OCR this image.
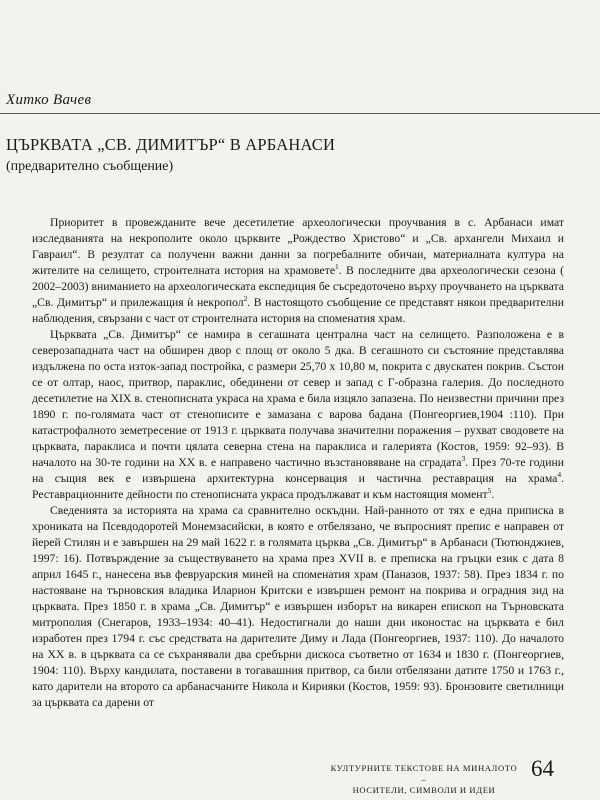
Хитко Вачев
ЦЪРКВАТА „СВ. ДИМИТЪР“ В АРБАНАСИ
(предварително съобщение)

Приоритет в провежданите вече десетилетие археологически проучвания в с. Арбанаси имат изследванията на некрополите около църквите „Рождество Христово“ и „Св. архангели Михаил и Гавраил“. В резултат са получени важни данни за погребалните обичаи, материалната култура на жителите на селището, строителната история на храмовете$^1$. В последните два археологически сезона ( 2002–2003) вниманието на археологическата експедиция бе съсредоточено върху проучването на църквата „Св. Димитър“ и прилежащия ѝ некропол$^2$. В настоящото съобщение се представят някои предварителни наблюдения, свързани с част от строителната история на споменатия храм.

Църквата „Св. Димитър“ се намира в сегашната централна част на селището. Разположена е в северозападната част на обширен двор с площ от около 5 дка. В сегашното си състояние представлява издължена по оста изток-запад постройка, с размери 25,70 х 10,80 м, покрита с двускатен покрив. Състои се от олтар, наос, притвор, параклис, обединени от север и запад с Г-образна галерия. До последното десетилетие на XIX в. стенописната украса на храма е била изцяло запазена. По неизвестни причини през 1890 г. по-голямата част от стенописите е замазана с варова бадана (Понгеоргиев,1904 :110). При катастрофалното земетресение от 1913 г. църквата получава значителни поражения – рухват сводовете на църквата, параклиса и почти цялата северна стена на параклиса и галерията (Костов, 1959: 92–93). В началото на 30-те години на XX в. е направено частично възстановяване на сградата$^3$. През 70-те години на същия век е извършена архитектурна консервация и частична реставрация на храма$^4$. Реставрационните дейности по стенописната украса продължават и към настоящия момент$^5$.

Сведенията за историята на храма са сравнително оскъдни. Най-ранното от тях е една приписка в хрониката на Псевдодоротей Монемзасийски, в която е отбелязано, че въпросният препис е направен от йерей Стилян и е завършен на 29 май 1622 г. в голямата църква „Св. Димитър“ в Арбанаси (Тютюнджиев, 1997: 16). Потвърждение за съществуването на храма през XVII в. е преписка на гръцки език с дата 8 април 1645 г., нанесена във февруарския миней на споменатия храм (Паназов, 1937: 58). През 1834 г. по настояване на търновския владика Иларион Критски е извършен ремонт на покрива и оградния зид на църквата. През 1850 г. в храма „Св. Димитър“ е извършен изборът на викарен епископ на Търновската митрополия (Снегаров, 1933–1934: 40–41). Недостигнали до наши дни иконостас на църквата е бил изработен през 1794 г. със средствата на дарителите Диму и Лада (Понгеоргиев, 1937: 110). До началото на XX в. в църквата са се съхранявали два сребърни дискоса съответно от 1634 и 1830 г. (Понгеоргиев, 1904: 110). Върху кандилата, поставени в тогавашния притвор, са били отбелязани датите 1750 и 1763 г., като дарители на второто са арбанасчаните Никола и Кирияки (Костов, 1959: 93). Бронзовите светилници за църквата са дарени от

КУЛТУРНИТЕ ТЕКСТОВЕ НА МИНАЛОТО –
НОСИТЕЛИ, СИМВОЛИ И ИДЕИ
64
